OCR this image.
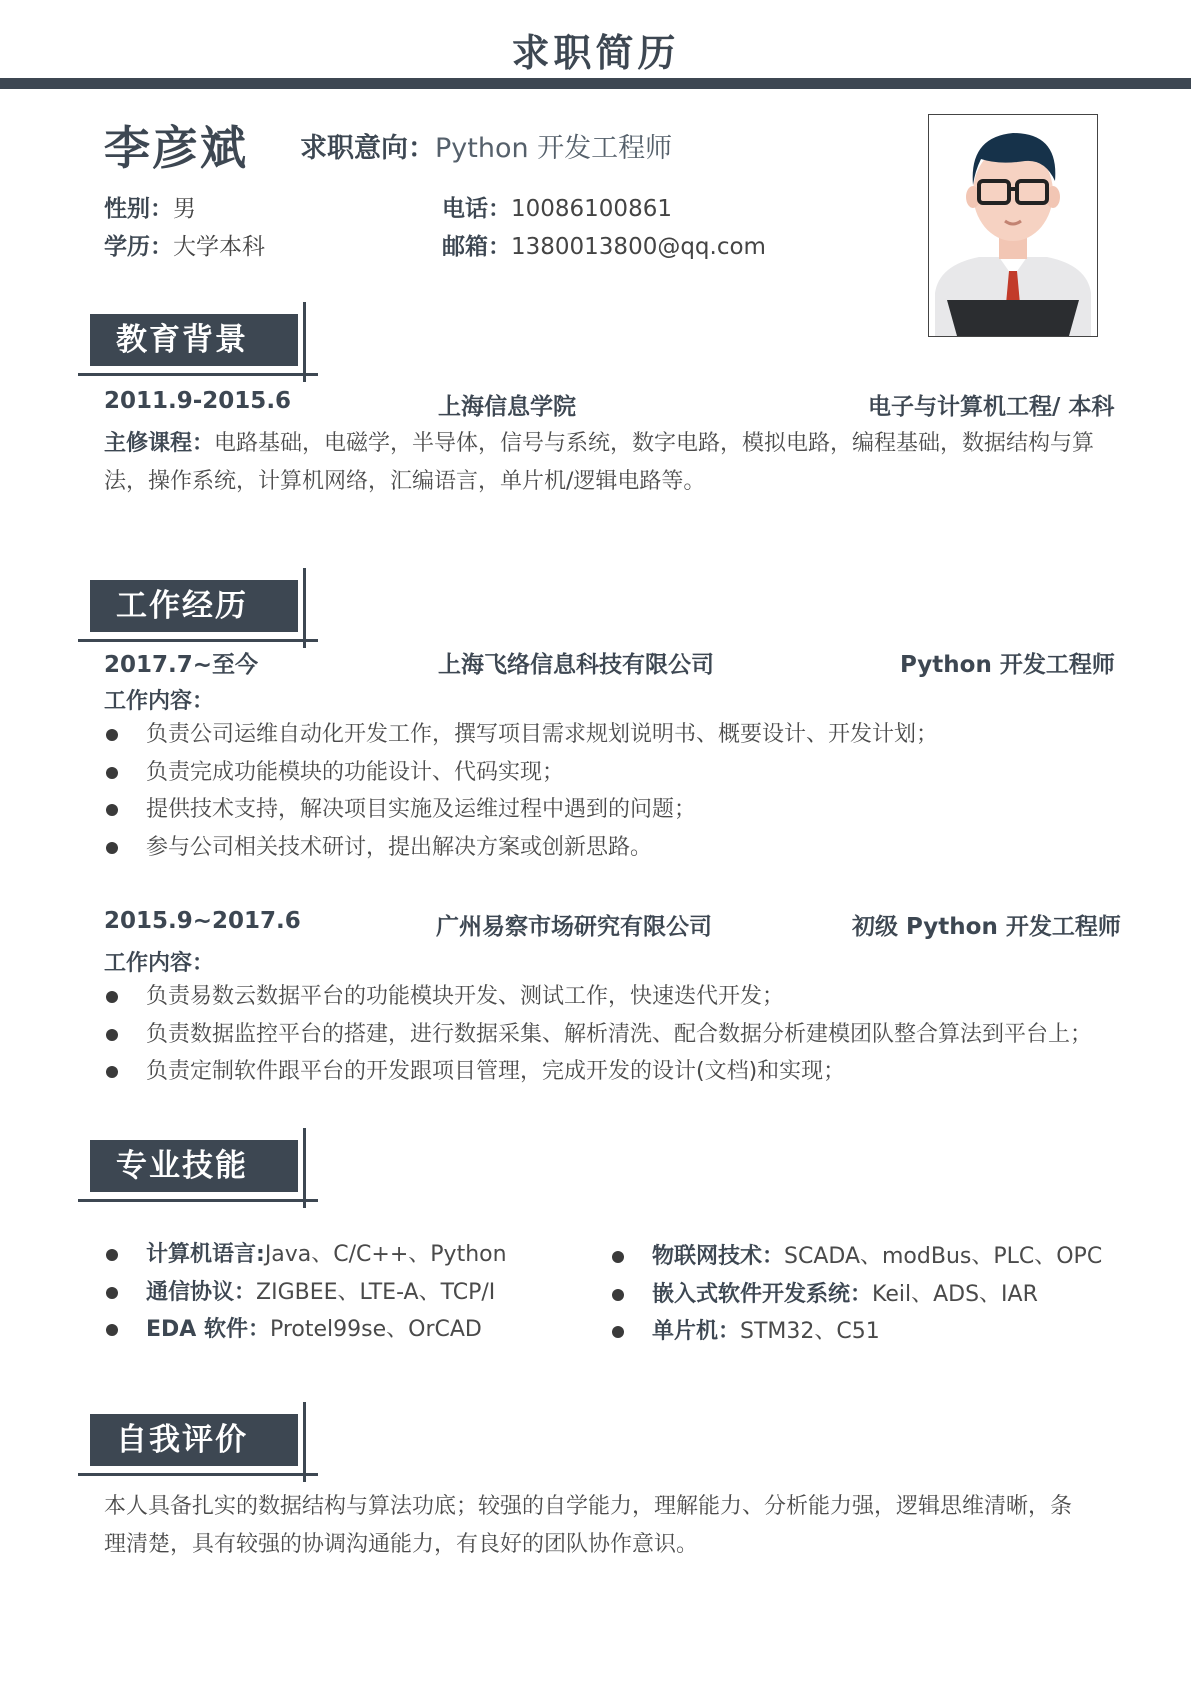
求职简历
李彦斌 求职意向：Python 开发工程师
性别：男
学历：大学本科
电话：10086100861
邮箱：1380013800@qq.com
教育背景
2011.9-2015.6	上海信息学院	电子与计算机工程/ 本科
主修课程：电路基础，电磁学，半导体，信号与系统，数字电路，模拟电路，编程基础，数据结构与算法，操作系统，计算机网络，汇编语言，单片机/逻辑电路等。
工作经历
2017.7~至今	上海飞络信息科技有限公司	Python 开发工程师
工作内容：
负责公司运维自动化开发工作，撰写项目需求规划说明书、概要设计、开发计划；
负责完成功能模块的功能设计、代码实现；
提供技术支持，解决项目实施及运维过程中遇到的问题；
参与公司相关技术研讨，提出解决方案或创新思路。
2015.9~2017.6	广州易察市场研究有限公司	初级 Python 开发工程师
工作内容：
负责易数云数据平台的功能模块开发、测试工作，快速迭代开发；
负责数据监控平台的搭建，进行数据采集、解析清洗、配合数据分析建模团队整合算法到平台上；
负责定制软件跟平台的开发跟项目管理，完成开发的设计(文档)和实现；
专业技能
计算机语言:Java、C/C++、Python
通信协议：ZIGBEE、LTE-A、TCP/I
EDA 软件：Protel99se、OrCAD
物联网技术：SCADA、modBus、PLC、OPC
嵌入式软件开发系统：Keil、ADS、IAR
单片机：STM32、C51
自我评价
本人具备扎实的数据结构与算法功底；较强的自学能力，理解能力、分析能力强，逻辑思维清晰，条理清楚，具有较强的协调沟通能力，有良好的团队协作意识。
